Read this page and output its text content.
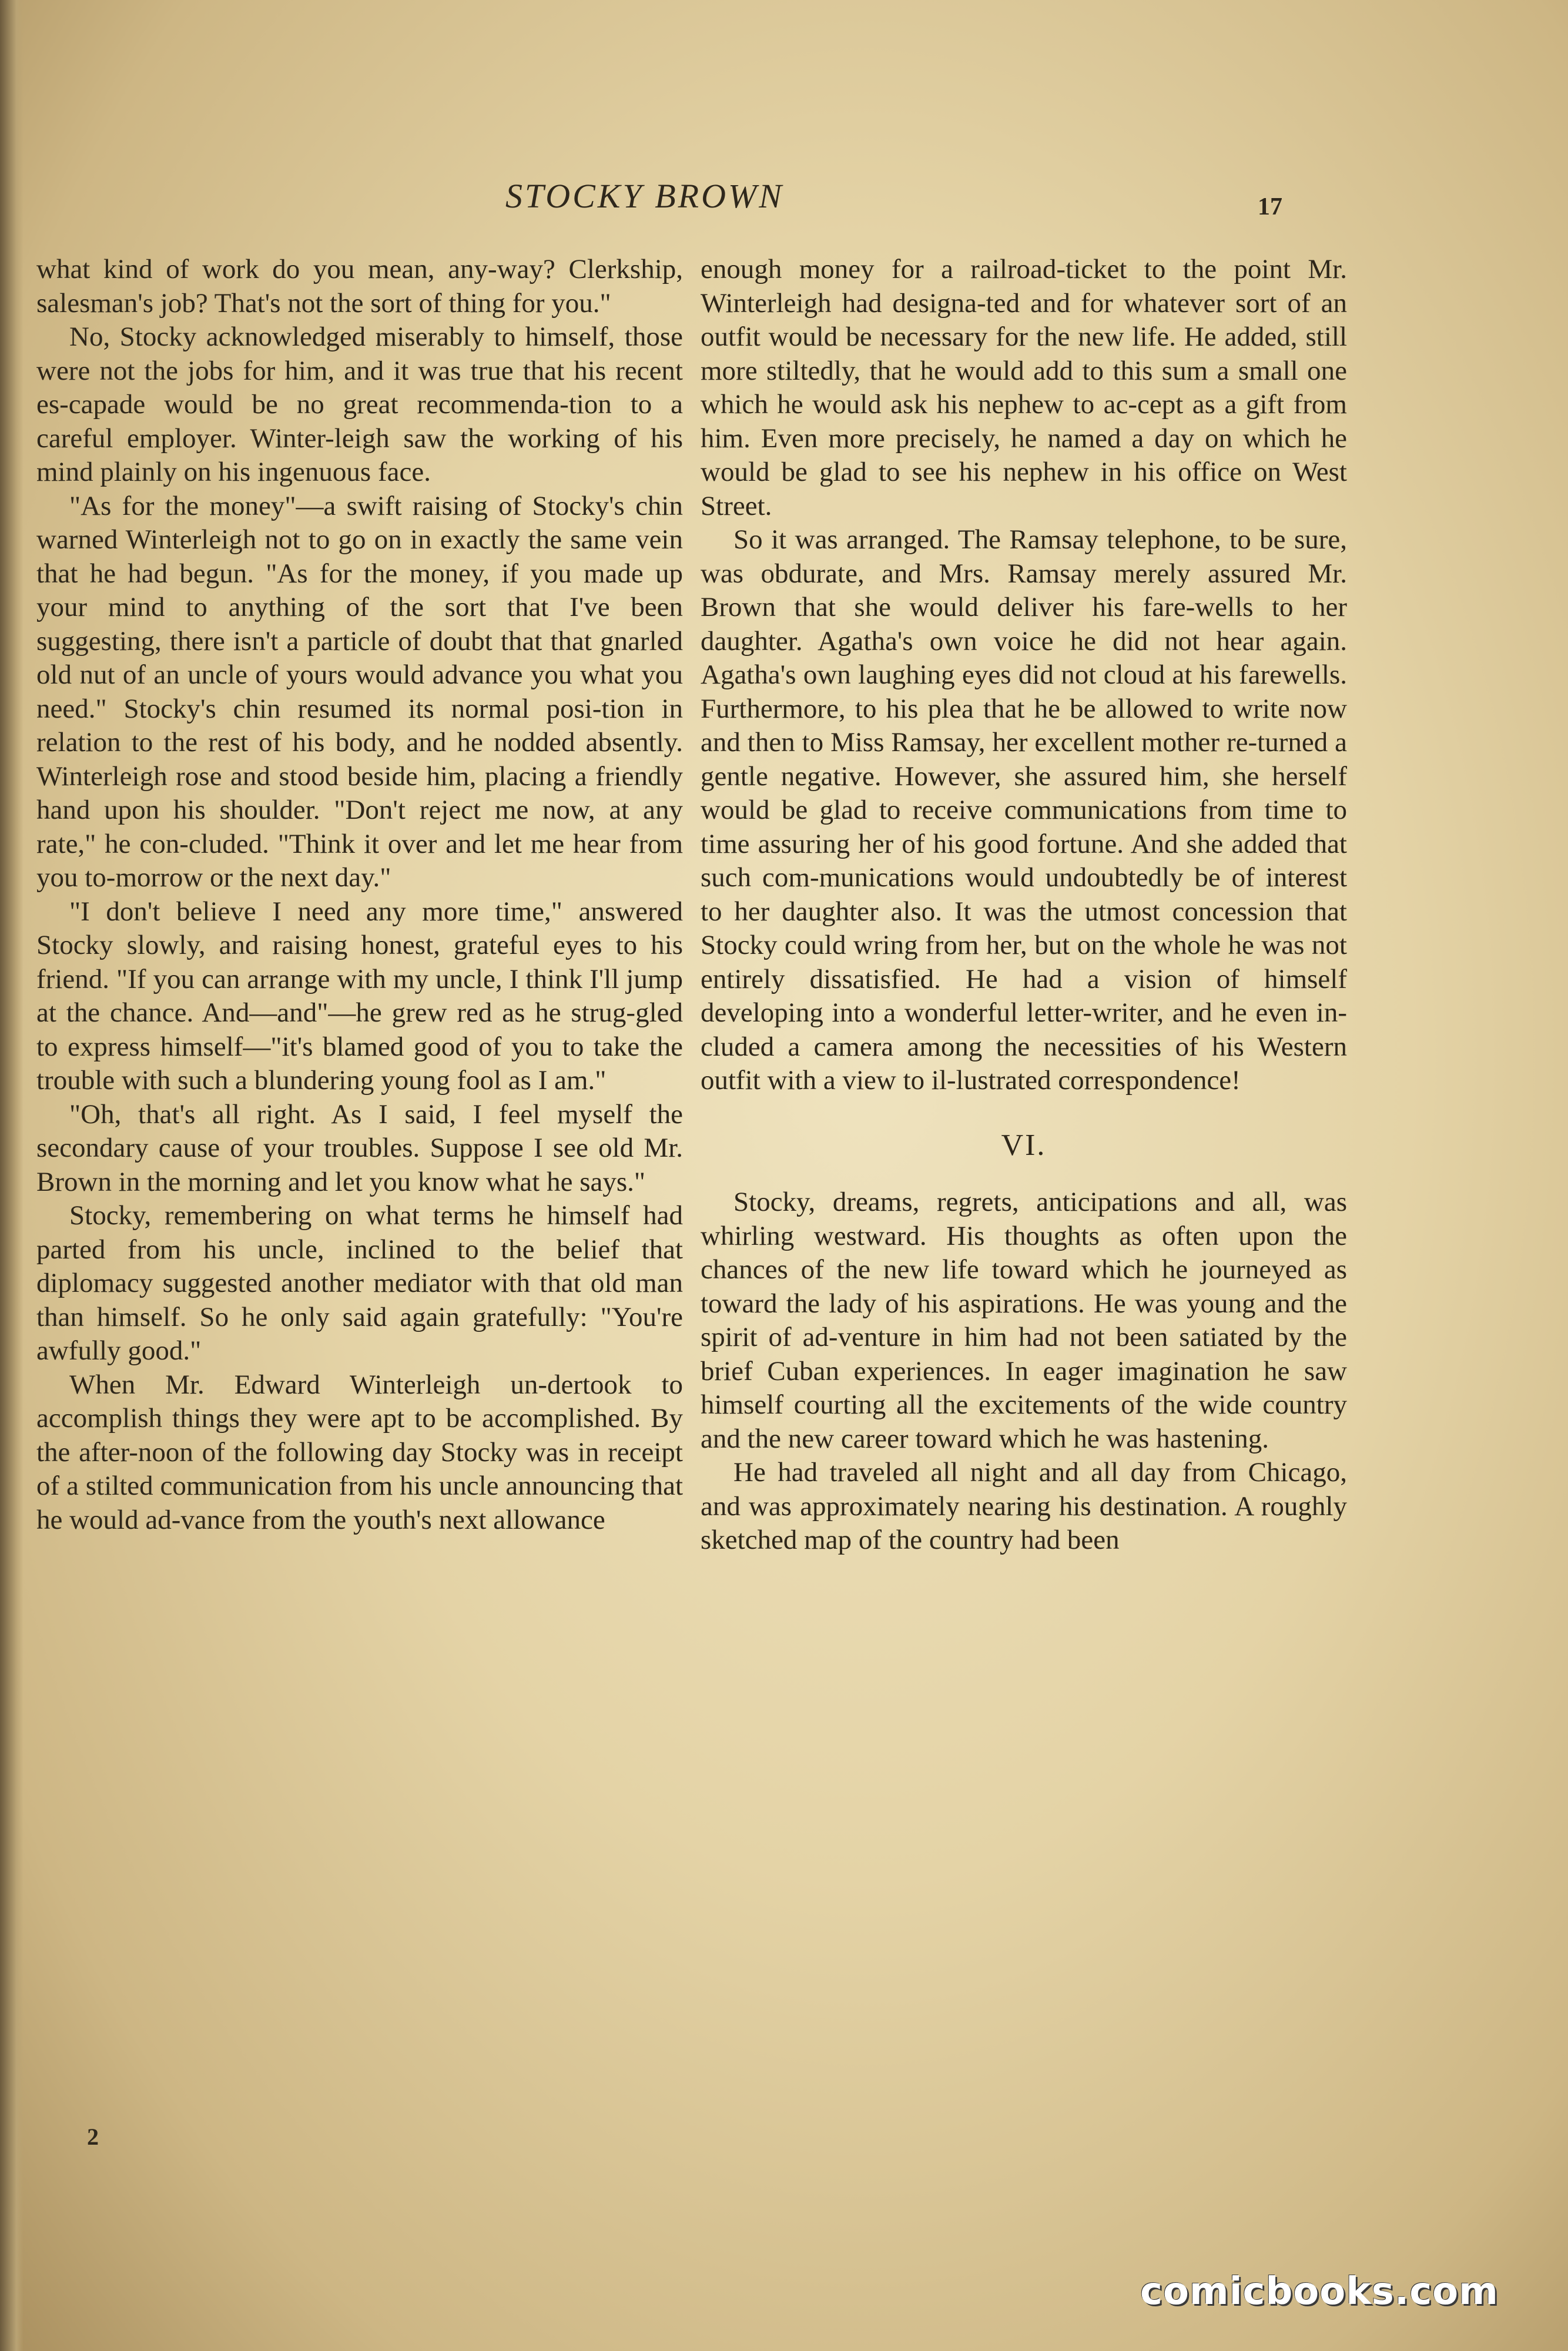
STOCKY BROWN	17

what kind of work do you mean, any-way? Clerkship, salesman's job? That's not the sort of thing for you."

No, Stocky acknowledged miserably to himself, those were not the jobs for him, and it was true that his recent es-capade would be no great recommenda-tion to a careful employer. Winter-leigh saw the working of his mind plainly on his ingenuous face.

"As for the money"—a swift raising of Stocky's chin warned Winterleigh not to go on in exactly the same vein that he had begun. "As for the money, if you made up your mind to anything of the sort that I've been suggesting, there isn't a particle of doubt that that gnarled old nut of an uncle of yours would advance you what you need." Stocky's chin resumed its normal posi-tion in relation to the rest of his body, and he nodded absently. Winterleigh rose and stood beside him, placing a friendly hand upon his shoulder. "Don't reject me now, at any rate," he con-cluded. "Think it over and let me hear from you to-morrow or the next day."

"I don't believe I need any more time," answered Stocky slowly, and raising honest, grateful eyes to his friend. "If you can arrange with my uncle, I think I'll jump at the chance. And—and"—he grew red as he strug-gled to express himself—"it's blamed good of you to take the trouble with such a blundering young fool as I am."

"Oh, that's all right. As I said, I feel myself the secondary cause of your troubles. Suppose I see old Mr. Brown in the morning and let you know what he says."

Stocky, remembering on what terms he himself had parted from his uncle, inclined to the belief that diplomacy suggested another mediator with that old man than himself. So he only said again gratefully: "You're awfully good."

When Mr. Edward Winterleigh un-dertook to accomplish things they were apt to be accomplished. By the after-noon of the following day Stocky was in receipt of a stilted communication from his uncle announcing that he would ad-vance from the youth's next allowance

2

enough money for a railroad-ticket to the point Mr. Winterleigh had designa-ted and for whatever sort of an outfit would be necessary for the new life. He added, still more stiltedly, that he would add to this sum a small one which he would ask his nephew to ac-cept as a gift from him. Even more precisely, he named a day on which he would be glad to see his nephew in his office on West Street.

So it was arranged. The Ramsay telephone, to be sure, was obdurate, and Mrs. Ramsay merely assured Mr. Brown that she would deliver his fare-wells to her daughter. Agatha's own voice he did not hear again. Agatha's own laughing eyes did not cloud at his farewells. Furthermore, to his plea that he be allowed to write now and then to Miss Ramsay, her excellent mother re-turned a gentle negative. However, she assured him, she herself would be glad to receive communications from time to time assuring her of his good fortune. And she added that such com-munications would undoubtedly be of interest to her daughter also. It was the utmost concession that Stocky could wring from her, but on the whole he was not entirely dissatisfied. He had a vision of himself developing into a wonderful letter-writer, and he even in-cluded a camera among the necessities of his Western outfit with a view to il-lustrated correspondence!

VI.

Stocky, dreams, regrets, anticipations and all, was whirling westward. His thoughts as often upon the chances of the new life toward which he journeyed as toward the lady of his aspirations. He was young and the spirit of ad-venture in him had not been satiated by the brief Cuban experiences. In eager imagination he saw himself courting all the excitements of the wide country and the new career toward which he was hastening.

He had traveled all night and all day from Chicago, and was approximately nearing his destination. A roughly sketched map of the country had been

comicbooks.com
